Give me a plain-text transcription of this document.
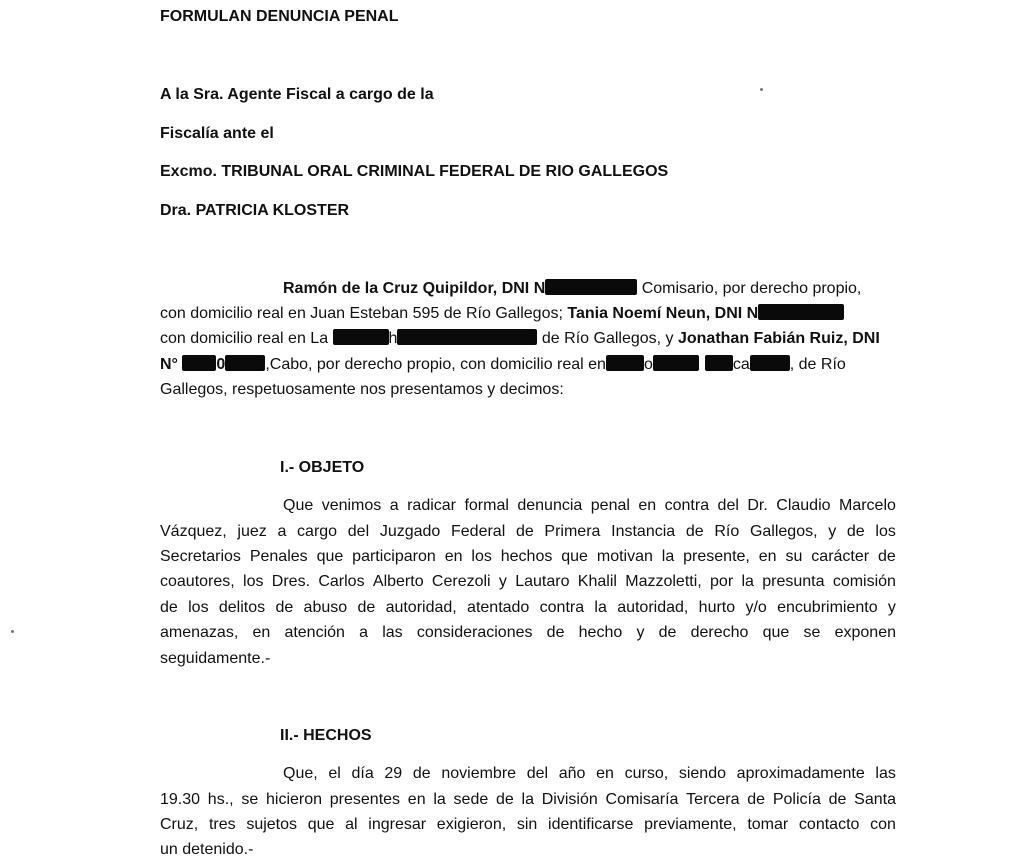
FORMULAN DENUNCIA PENAL
A la Sra. Agente Fiscal a cargo de la
Fiscalía ante el
Excmo. TRIBUNAL ORAL CRIMINAL FEDERAL DE RIO GALLEGOS
Dra. PATRICIA KLOSTER
Ramón de la Cruz Quipildor, DNI N	Comisario, por derecho propio,
con domicilio real en Juan Esteban 595 de Río Gallegos; Tania Noemí Neun, DNI N
con domicilio real en La	h	de Río Gallegos, y Jonathan Fabián Ruiz, DNI
N° 0	,Cabo, por derecho propio, con domicilio real en o	ca	, de Río
Gallegos, respetuosamente nos presentamos y decimos:
I.- OBJETO
Que venimos a radicar formal denuncia penal en contra del Dr. Claudio Marcelo
Vázquez, juez a cargo del Juzgado Federal de Primera Instancia de Río Gallegos, y de los
Secretarios Penales que participaron en los hechos que motivan la presente, en su carácter de
coautores, los Dres. Carlos Alberto Cerezoli y Lautaro Khalil Mazzoletti, por la presunta comisión
de los delitos de abuso de autoridad, atentado contra la autoridad, hurto y/o encubrimiento y
amenazas, en atención a las consideraciones de hecho y de derecho que se exponen
seguidamente.-
II.- HECHOS
Que, el día 29 de noviembre del año en curso, siendo aproximadamente las
19.30 hs., se hicieron presentes en la sede de la División Comisaría Tercera de Policía de Santa
Cruz, tres sujetos que al ingresar exigieron, sin identificarse previamente, tomar contacto con
un detenido.-
